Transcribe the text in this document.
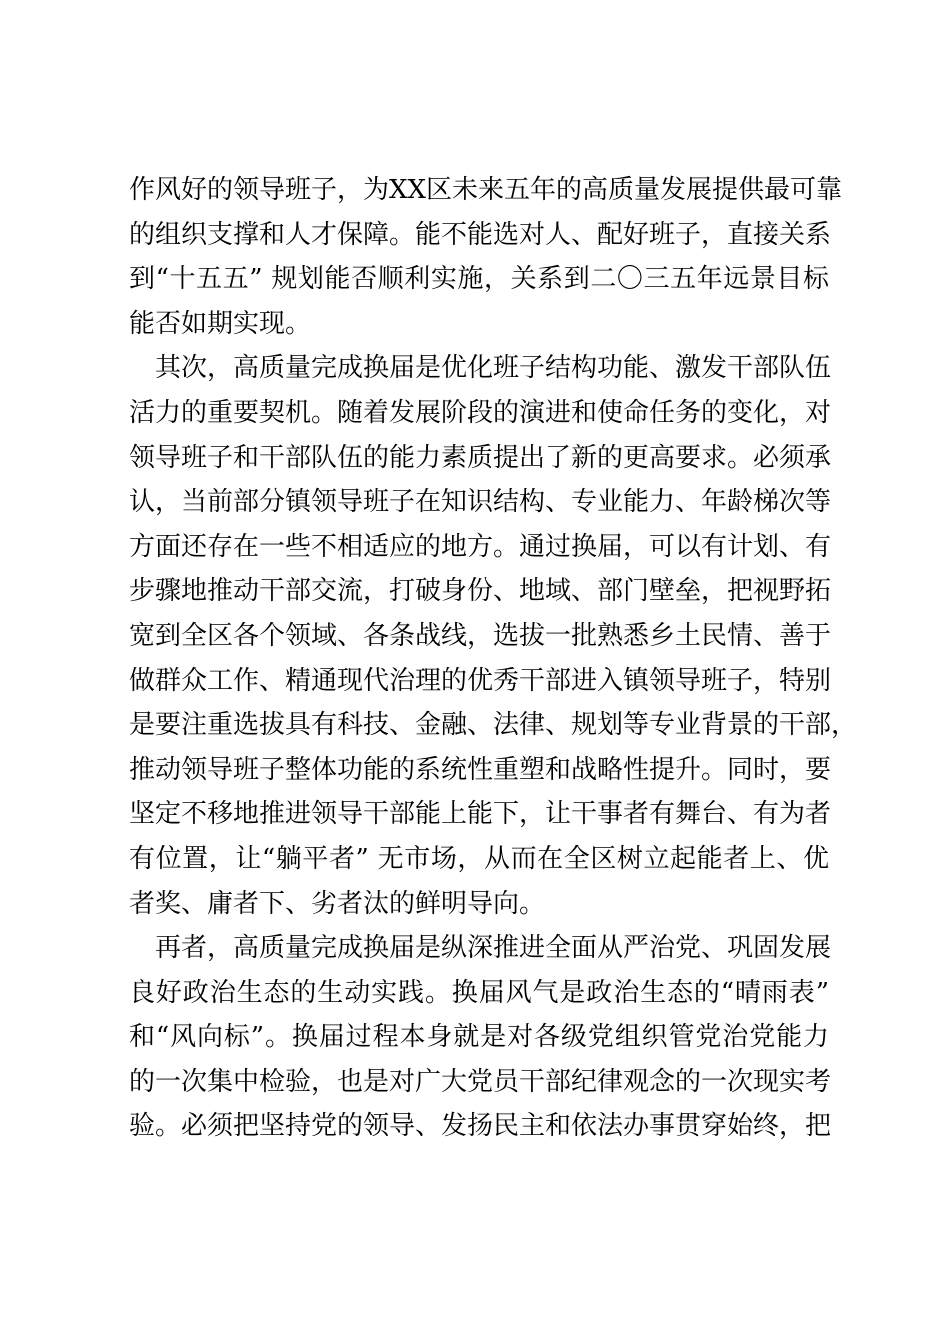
作风好的领导班子，为XX区未来五年的高质量发展提供最可靠
的组织支撑和人才保障。能不能选对人、配好班子，直接关系
到“十五五” 规划能否顺利实施，关系到二〇三五年远景目标
能否如期实现。
　其次，高质量完成换届是优化班子结构功能、激发干部队伍
活力的重要契机。随着发展阶段的演进和使命任务的变化，对
领导班子和干部队伍的能力素质提出了新的更高要求。必须承
认，当前部分镇领导班子在知识结构、专业能力、年龄梯次等
方面还存在一些不相适应的地方。通过换届，可以有计划、有
步骤地推动干部交流，打破身份、地域、部门壁垒，把视野拓
宽到全区各个领域、各条战线，选拔一批熟悉乡土民情、善于
做群众工作、精通现代治理的优秀干部进入镇领导班子，特别
是要注重选拔具有科技、金融、法律、规划等专业背景的干部，
推动领导班子整体功能的系统性重塑和战略性提升。同时，要
坚定不移地推进领导干部能上能下，让干事者有舞台、有为者
有位置，让“躺平者” 无市场，从而在全区树立起能者上、优
者奖、庸者下、劣者汰的鲜明导向。
　再者，高质量完成换届是纵深推进全面从严治党、巩固发展
良好政治生态的生动实践。换届风气是政治生态的“晴雨表”
和“风向标”。换届过程本身就是对各级党组织管党治党能力
的一次集中检验，也是对广大党员干部纪律观念的一次现实考
验。必须把坚持党的领导、发扬民主和依法办事贯穿始终，把
